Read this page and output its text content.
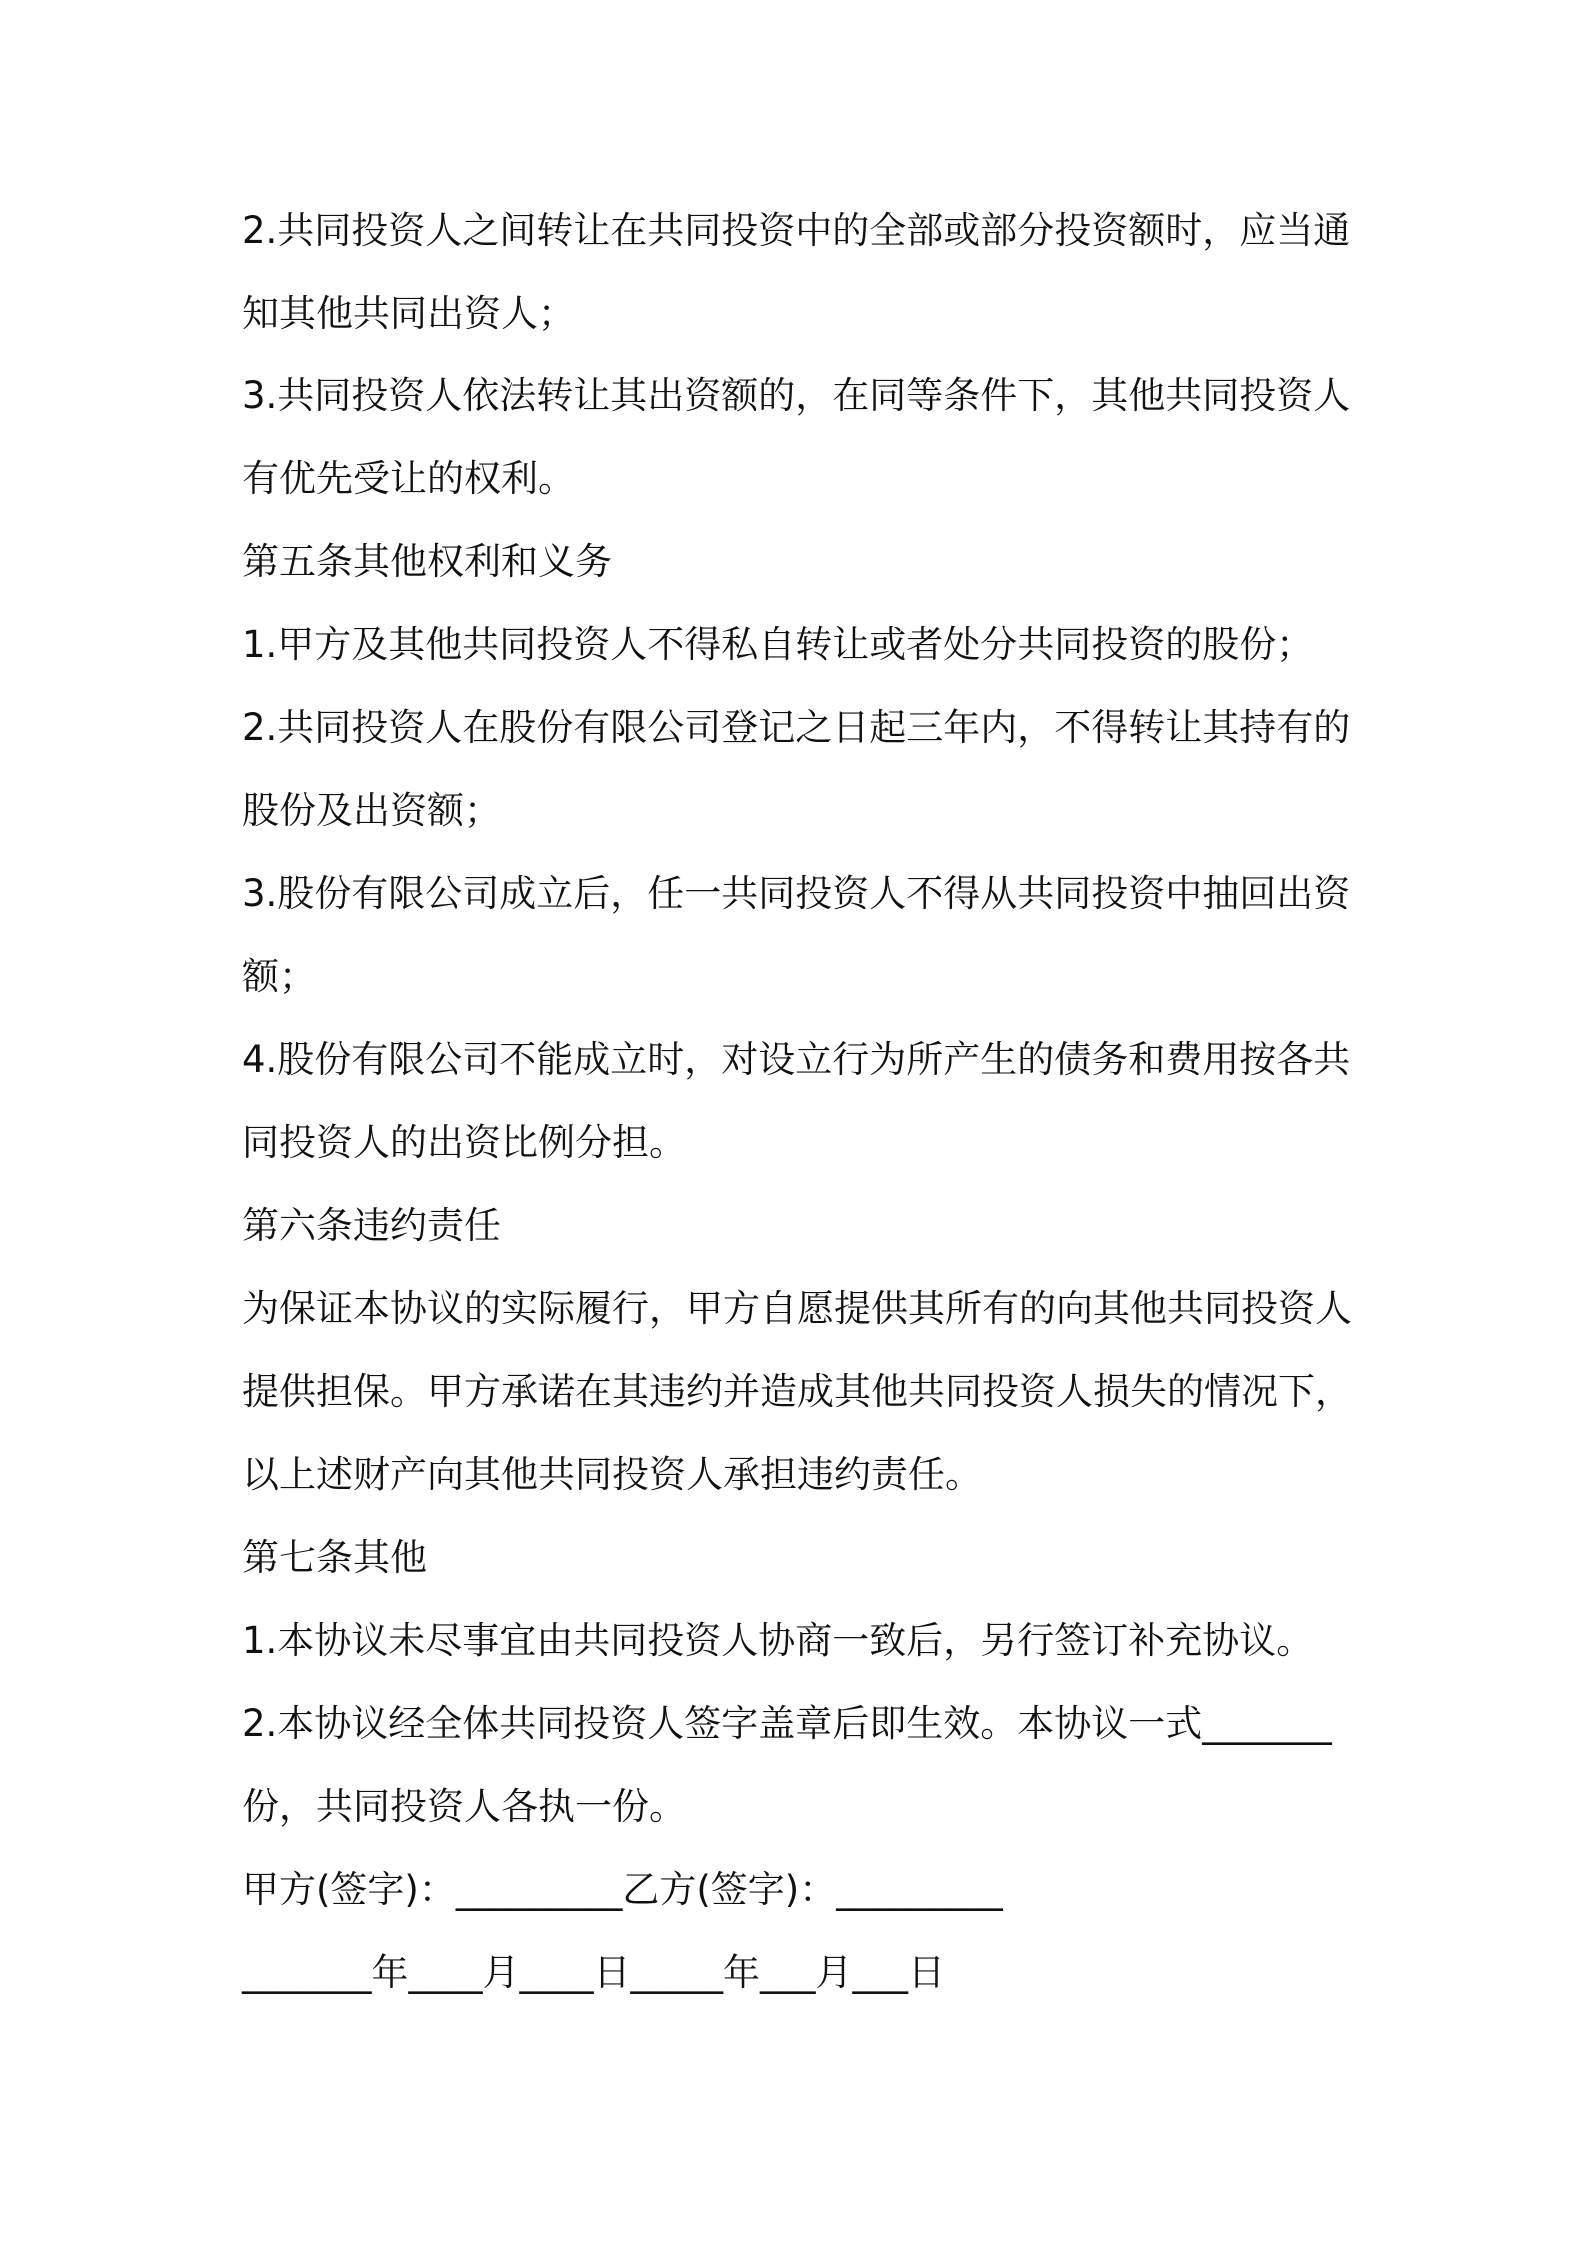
2.共同投资人之间转让在共同投资中的全部或部分投资额时，应当通
知其他共同出资人；
3.共同投资人依法转让其出资额的，在同等条件下，其他共同投资人
有优先受让的权利。
第五条其他权利和义务
1.甲方及其他共同投资人不得私自转让或者处分共同投资的股份；
2.共同投资人在股份有限公司登记之日起三年内，不得转让其持有的
股份及出资额；
3.股份有限公司成立后，任一共同投资人不得从共同投资中抽回出资
额；
4.股份有限公司不能成立时，对设立行为所产生的债务和费用按各共
同投资人的出资比例分担。
第六条违约责任
为保证本协议的实际履行，甲方自愿提供其所有的向其他共同投资人
提供担保。甲方承诺在其违约并造成其他共同投资人损失的情况下，
以上述财产向其他共同投资人承担违约责任。
第七条其他
1.本协议未尽事宜由共同投资人协商一致后，另行签订补充协议。
2.本协议经全体共同投资人签字盖章后即生效。本协议一式_______
份，共同投资人各执一份。
甲方(签字)：_________乙方(签字)：_________
_______年____月____日_____年___月___日
